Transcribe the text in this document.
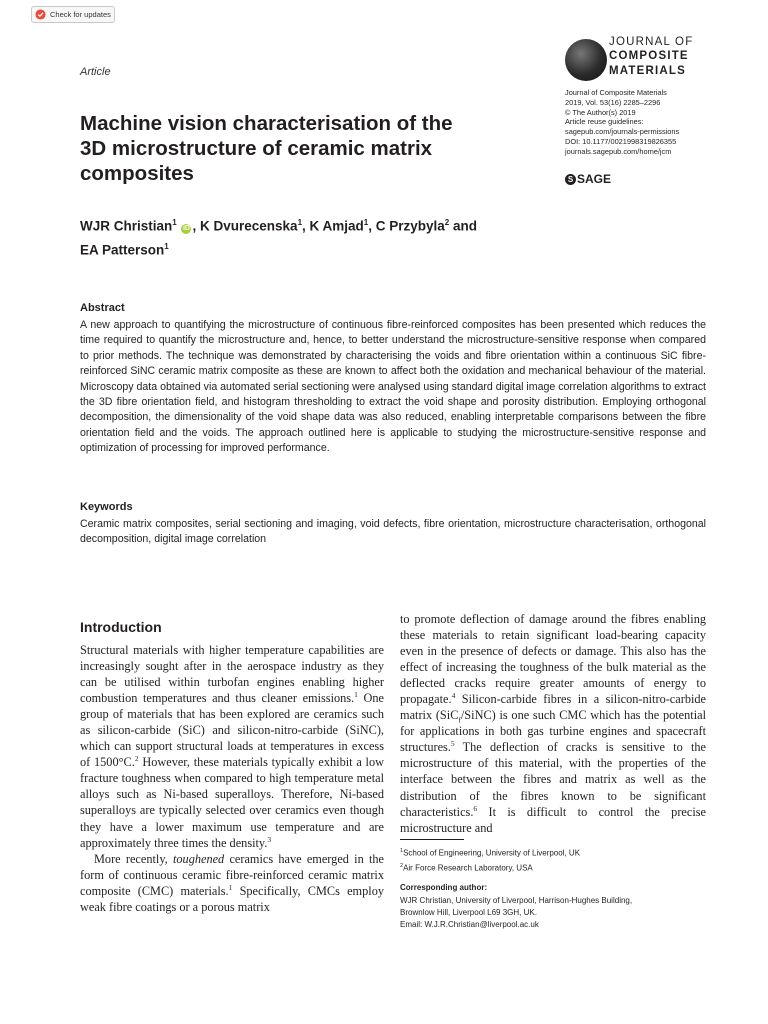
Check for updates
Article
JOURNAL OF
COMPOSITE
MATERIALS
Journal of Composite Materials
2019, Vol. 53(16) 2285–2296
© The Author(s) 2019
Article reuse guidelines:
sagepub.com/journals-permissions
DOI: 10.1177/0021998319826355
journals.sagepub.com/home/jcm
S SAGE
Machine vision characterisation of the 3D microstructure of ceramic matrix composites
WJR Christian$^1$ iD , K Dvurecenska$^1$, K Amjad$^1$, C Przybyla$^2$ and
EA Patterson$^1$
Abstract
A new approach to quantifying the microstructure of continuous fibre-reinforced composites has been presented which reduces the time required to quantify the microstructure and, hence, to better understand the microstructure-sensitive response when compared to prior methods. The technique was demonstrated by characterising the voids and fibre orientation within a continuous SiC fibre-reinforced SiNC ceramic matrix composite as these are known to affect both the oxidation and mechanical behaviour of the material. Microscopy data obtained via automated serial sectioning were analysed using standard digital image correlation algorithms to extract the 3D fibre orientation field, and histogram thresholding to extract the void shape and porosity distribution. Employing orthogonal decomposition, the dimensionality of the void shape data was also reduced, enabling interpretable comparisons between the fibre orientation field and the voids. The approach outlined here is applicable to studying the microstructure-sensitive response and optimization of processing for improved performance.
Keywords
Ceramic matrix composites, serial sectioning and imaging, void defects, fibre orientation, microstructure characterisation, orthogonal decomposition, digital image correlation
Introduction

Structural materials with higher temperature capabilities are increasingly sought after in the aerospace industry as they can be utilised within turbofan engines enabling higher combustion temperatures and thus cleaner emissions.$^1$ One group of materials that has been explored are ceramics such as silicon-carbide (SiC) and silicon-nitro-carbide (SiNC), which can support structural loads at temperatures in excess of 1500°C.$^2$ However, these materials typically exhibit a low fracture toughness when compared to high temperature metal alloys such as Ni-based superalloys. Therefore, Ni-based superalloys are typically selected over ceramics even though they have a lower maximum use temperature and are approximately three times the density.$^3$

More recently, toughened ceramics have emerged in the form of continuous ceramic fibre-reinforced ceramic matrix composite (CMC) materials.$^1$ Specifically, CMCs employ weak fibre coatings or a porous matrix

to promote deflection of damage around the fibres enabling these materials to retain significant load-bearing capacity even in the presence of defects or damage. This also has the effect of increasing the toughness of the bulk material as the deflected cracks require greater amounts of energy to propagate.$^4$ Silicon-carbide fibres in a silicon-nitro-carbide matrix (SiC$_f$/SiNC) is one such CMC which has the potential for applications in both gas turbine engines and spacecraft structures.$^5$ The deflection of cracks is sensitive to the microstructure of this material, with the properties of the interface between the fibres and matrix as well as the distribution of the fibres known to be significant characteristics.$^6$ It is difficult to control the precise microstructure and

$^1$School of Engineering, University of Liverpool, UK
$^2$Air Force Research Laboratory, USA
Corresponding author:
WJR Christian, University of Liverpool, Harrison-Hughes Building,
Brownlow Hill, Liverpool L69 3GH, UK.
Email: W.J.R.Christian@liverpool.ac.uk
